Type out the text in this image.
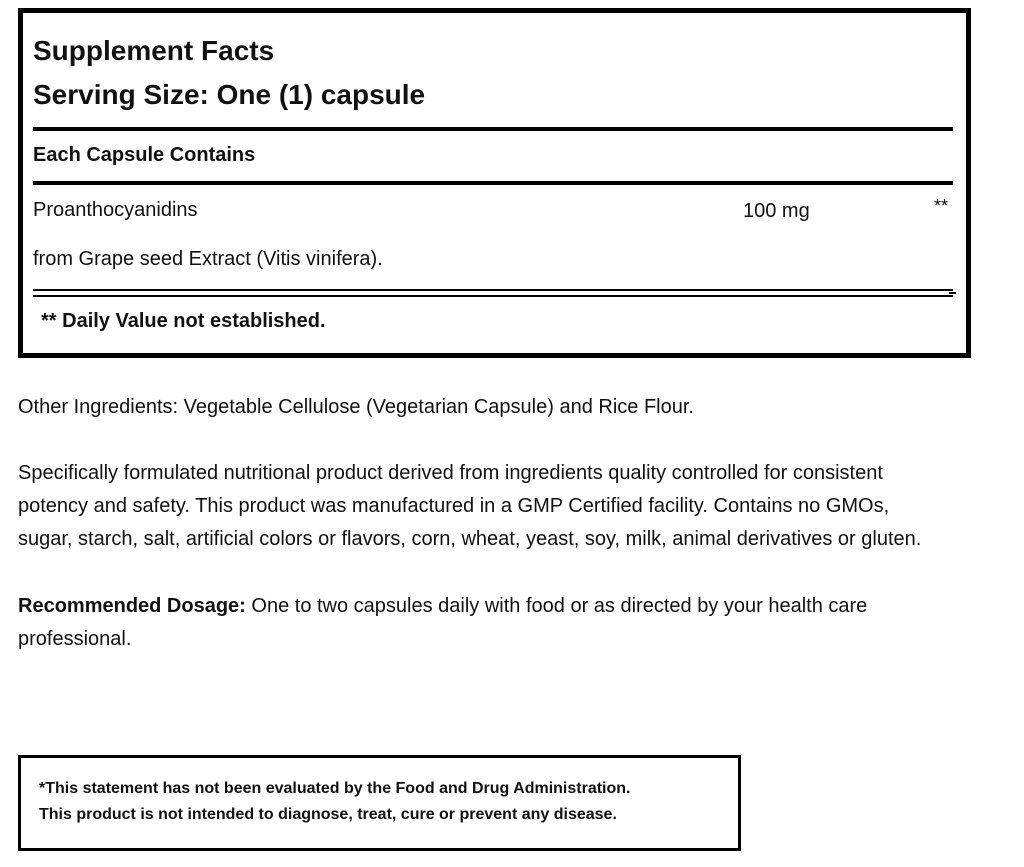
Supplement Facts
Serving Size: One (1) capsule
Each Capsule Contains
Proanthocyanidins	100 mg	**
from Grape seed Extract (Vitis vinifera).
** Daily Value not established.

Other Ingredients: Vegetable Cellulose (Vegetarian Capsule) and Rice Flour.

Specifically formulated nutritional product derived from ingredients quality controlled for consistent
potency and safety. This product was manufactured in a GMP Certified facility. Contains no GMOs,
sugar, starch, salt, artificial colors or flavors, corn, wheat, yeast, soy, milk, animal derivatives or gluten.

Recommended Dosage: One to two capsules daily with food or as directed by your health care
professional.

*This statement has not been evaluated by the Food and Drug Administration.
This product is not intended to diagnose, treat, cure or prevent any disease.
